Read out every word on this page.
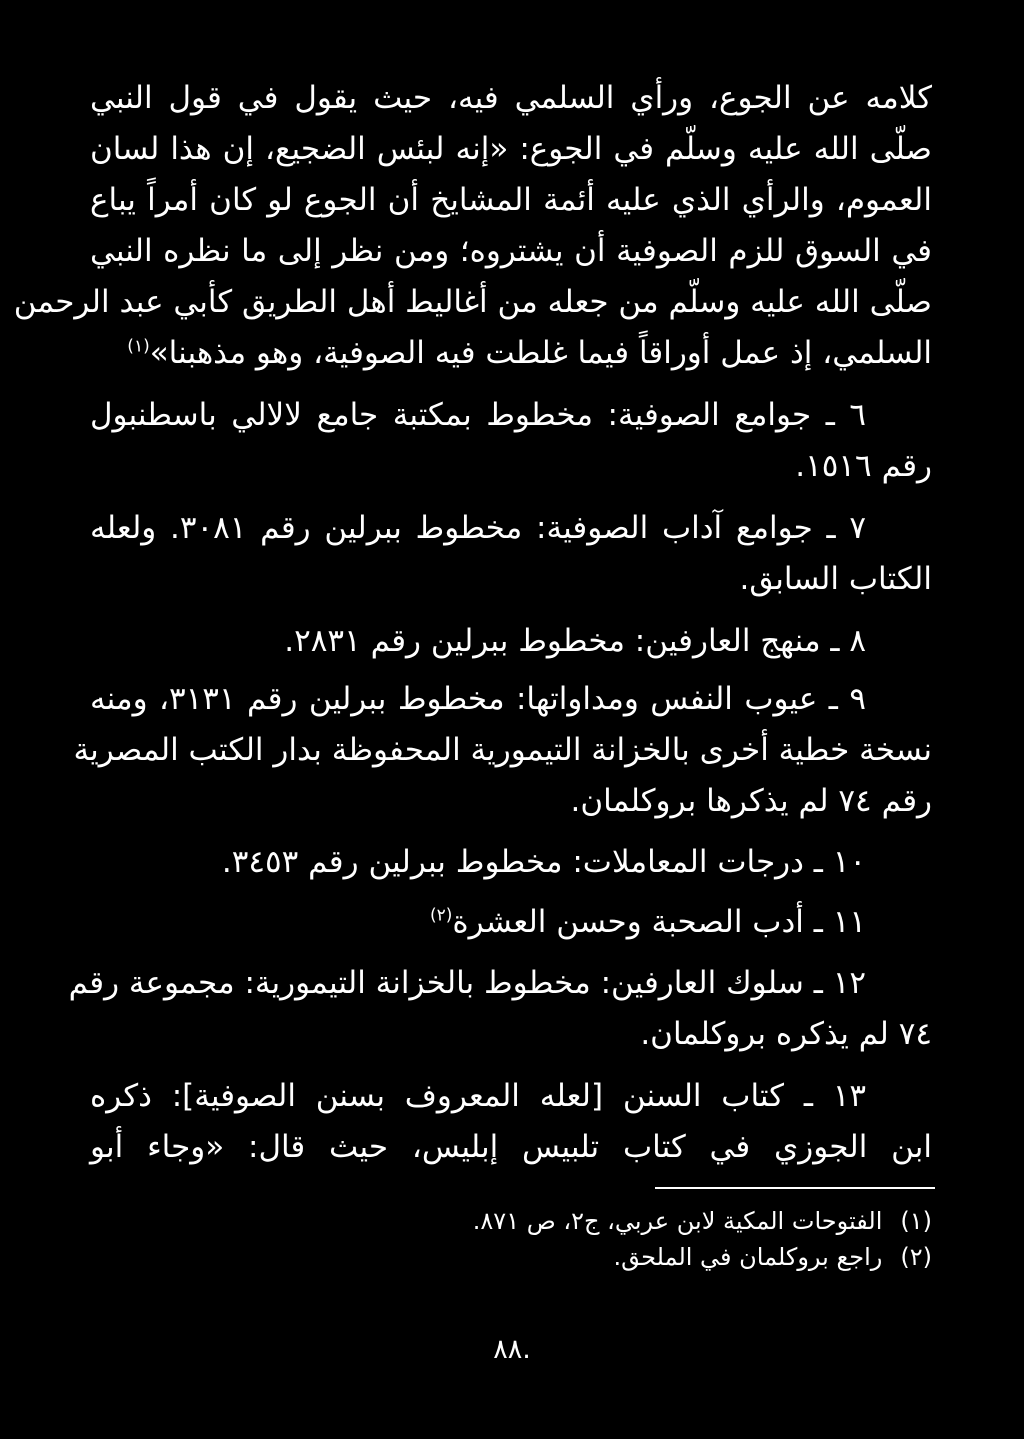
كلامه عن الجوع، ورأي السلمي فيه، حيث يقول في قول النبي
صلّى الله عليه وسلّم في الجوع: «إنه لبئس الضجيع، إن هذا لسان
العموم، والرأي الذي عليه أئمة المشايخ أن الجوع لو كان أمراً يباع
في السوق للزم الصوفية أن يشتروه؛ ومن نظر إلى ما نظره النبي
صلّى الله عليه وسلّم من جعله من أغاليط أهل الطريق كأبي عبد الرحمن
السلمي، إذ عمل أوراقاً فيما غلطت فيه الصوفية، وهو مذهبنا»$^{(١)}$
٦ ـ جوامع الصوفية: مخطوط بمكتبة جامع لالالي باسطنبول
رقم ١٥١٦.
٧ ـ جوامع آداب الصوفية: مخطوط ببرلين رقم ٣٠٨١. ولعله
الكتاب السابق.
٨ ـ منهج العارفين: مخطوط ببرلين رقم ٢٨٣١.
٩ ـ عيوب النفس ومداواتها: مخطوط ببرلين رقم ٣١٣١، ومنه
نسخة خطية أخرى بالخزانة التيمورية المحفوظة بدار الكتب المصرية
رقم ٧٤ لم يذكرها بروكلمان.
١٠ ـ درجات المعاملات: مخطوط ببرلين رقم ٣٤٥٣.
١١ ـ أدب الصحبة وحسن العشرة$^{(٢)}$
١٢ ـ سلوك العارفين: مخطوط بالخزانة التيمورية: مجموعة رقم
٧٤ لم يذكره بروكلمان.
١٣ ـ كتاب السنن [لعله المعروف بسنن الصوفية]: ذكره
ابن الجوزي في كتاب تلبيس إبليس، حيث قال: «وجاء أبو
(١)الفتوحات المكية لابن عربي، ج٢، ص ٨٧١.
(٢)راجع بروكلمان في الملحق.
٨٨.
